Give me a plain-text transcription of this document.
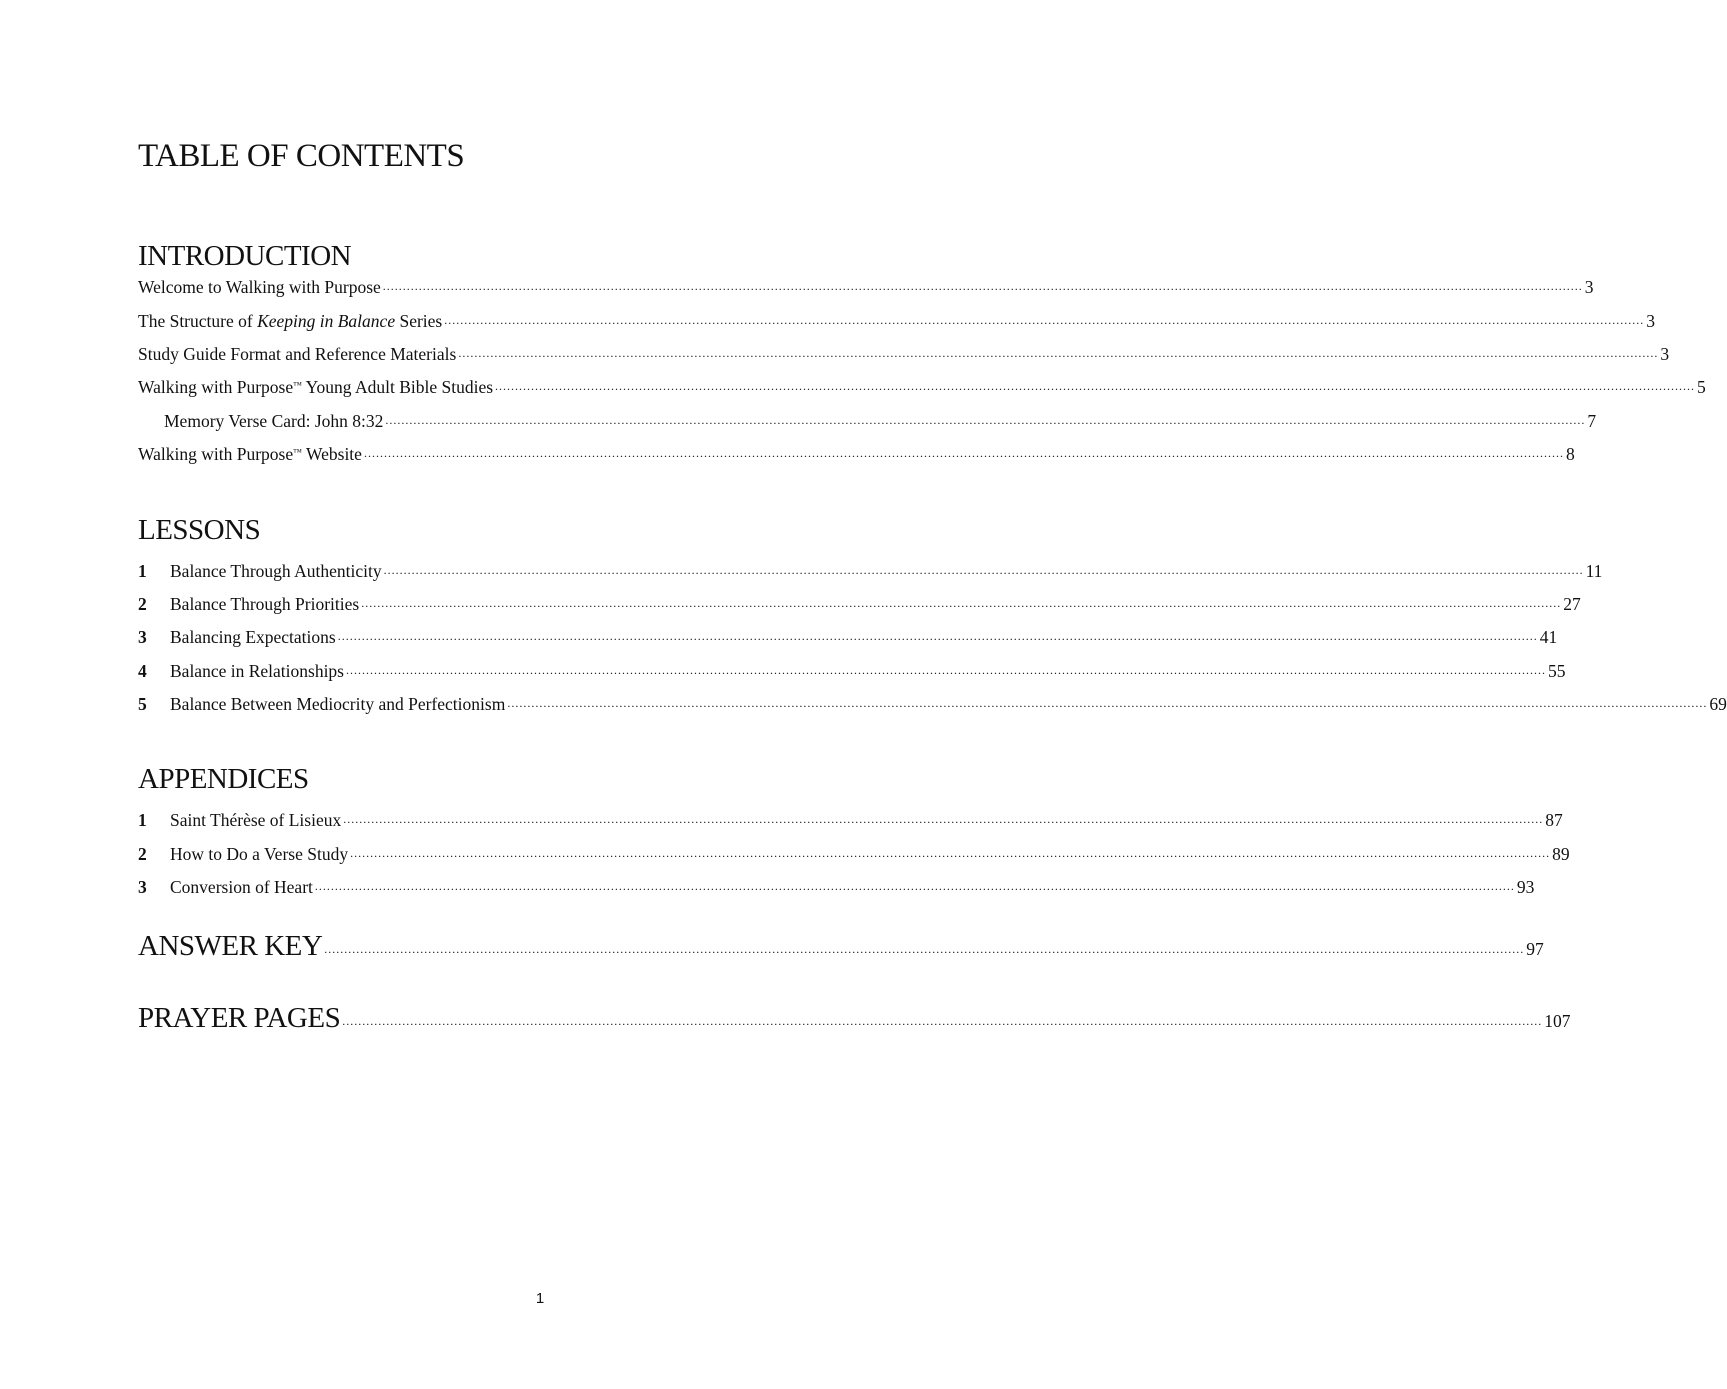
TABLE OF CONTENTS
INTRODUCTION
Welcome to Walking with Purpose ............................................................................................................................................................................................................................................................................................................ 3
The Structure of Keeping in Balance Series ............................................................................................................................................................................................................................................................................................................ 3
Study Guide Format and Reference Materials ............................................................................................................................................................................................................................................................................................................ 3
Walking with Purpose™ Young Adult Bible Studies ............................................................................................................................................................................................................................................................................................................ 5
Memory Verse Card: John 8:32 ............................................................................................................................................................................................................................................................................................................ 7
Walking with Purpose™ Website ............................................................................................................................................................................................................................................................................................................ 8
LESSONS
1	Balance Through Authenticity ............................................................................................................................................................................................................................................................................................................ 11
2	Balance Through Priorities ............................................................................................................................................................................................................................................................................................................ 27
3	Balancing Expectations ............................................................................................................................................................................................................................................................................................................ 41
4	Balance in Relationships ............................................................................................................................................................................................................................................................................................................ 55
5	Balance Between Mediocrity and Perfectionism ............................................................................................................................................................................................................................................................................................................ 69
APPENDICES
1	Saint Thérèse of Lisieux ............................................................................................................................................................................................................................................................................................................ 87
2	How to Do a Verse Study ............................................................................................................................................................................................................................................................................................................ 89
3	Conversion of Heart ............................................................................................................................................................................................................................................................................................................ 93
ANSWER KEY ............................................................................................................................................................................................................................................................................................................ 97
PRAYER PAGES ............................................................................................................................................................................................................................................................................................................ 107
1
